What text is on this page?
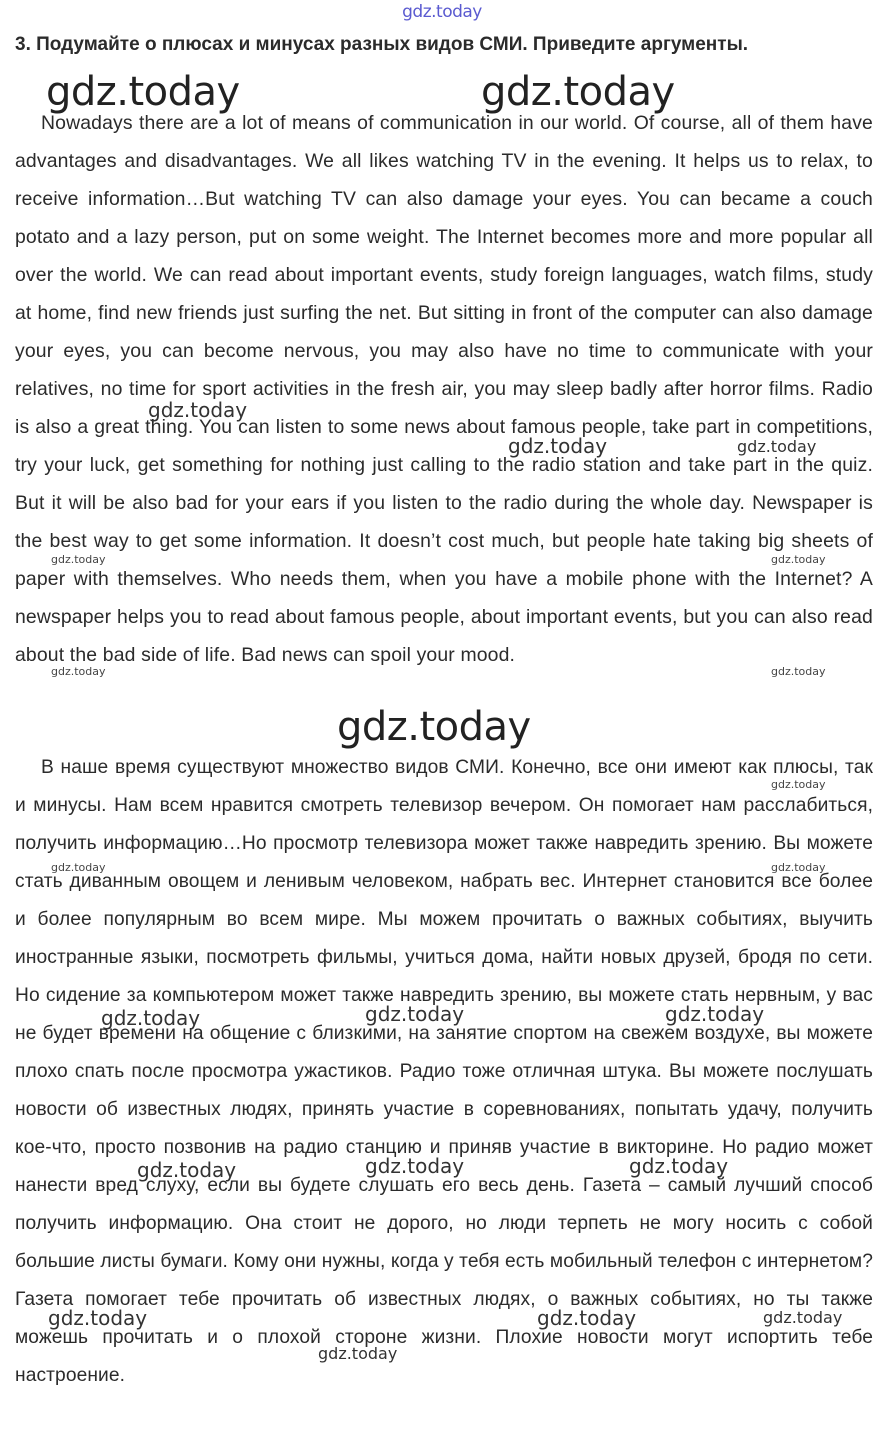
gdz.today
3. Подумайте о плюсах и минусах разных видов СМИ. Приведите аргументы.
gdz.today	gdz.today

Nowadays there are a lot of means of communication in our world. Of course, all of them have advantages and disadvantages. We all likes watching TV in the evening. It helps us to relax, to receive information…But watching TV can also damage your eyes. You can became a couch potato and a lazy person, put on some weight. The Internet becomes more and more popular all over the world. We can read about important events, study foreign languages, watch films, study at home, find new friends just surfing the net. But sitting in front of the computer can also damage your eyes, you can become nervous, you may also have no time to communicate with your relatives, no time for sport activities in the fresh air, you may sleep badly after horror films. Radio is also a great thing. You can listen to some news about famous people, take part in competitions, try your luck, get something for nothing just calling to the radio station and take part in the quiz. But it will be also bad for your ears if you listen to the radio during the whole day. Newspaper is the best way to get some information. It doesn’t cost much, but people hate taking big sheets of paper with themselves. Who needs them, when you have a mobile phone with the Internet? A newspaper helps you to read about famous people, about important events, but you can also read about the bad side of life. Bad news can spoil your mood.

gdz.today

В наше время существуют множество видов СМИ. Конечно, все они имеют как плюсы, так и минусы. Нам всем нравится смотреть телевизор вечером. Он помогает нам расслабиться, получить информацию…Но просмотр телевизора может также навредить зрению. Вы можете стать диванным овощем и ленивым человеком, набрать вес. Интернет становится все более и более популярным во всем мире. Мы можем прочитать о важных событиях, выучить иностранные языки, посмотреть фильмы, учиться дома, найти новых друзей, бродя по сети. Но сидение за компьютером может также навредить зрению, вы можете стать нервным, у вас не будет времени на общение с близкими, на занятие спортом на свежем воздухе, вы можете плохо спать после просмотра ужастиков. Радио тоже отличная штука. Вы можете послушать новости об известных людях, принять участие в соревнованиях, попытать удачу, получить кое-что, просто позвонив на радио станцию и приняв участие в викторине. Но радио может нанести вред слуху, если вы будете слушать его весь день. Газета – самый лучший способ получить информацию. Она стоит не дорого, но люди терпеть не могу носить с собой большие листы бумаги. Кому они нужны, когда у тебя есть мобильный телефон с интернетом? Газета помогает тебе прочитать об известных людях, о важных событиях, но ты также можешь прочитать и о плохой стороне жизни. Плохие новости могут испортить тебе настроение.

gdz.today
gdz.today	gdz.today
gdz.today	gdz.today	gdz.today
gdz.today	gdz.today	gdz.today
gdz.today	gdz.today	gdz.today
gdz.today
gdz.today	gdz.today
gdz.today	gdz.today
gdz.today
gdz.today	gdz.today
